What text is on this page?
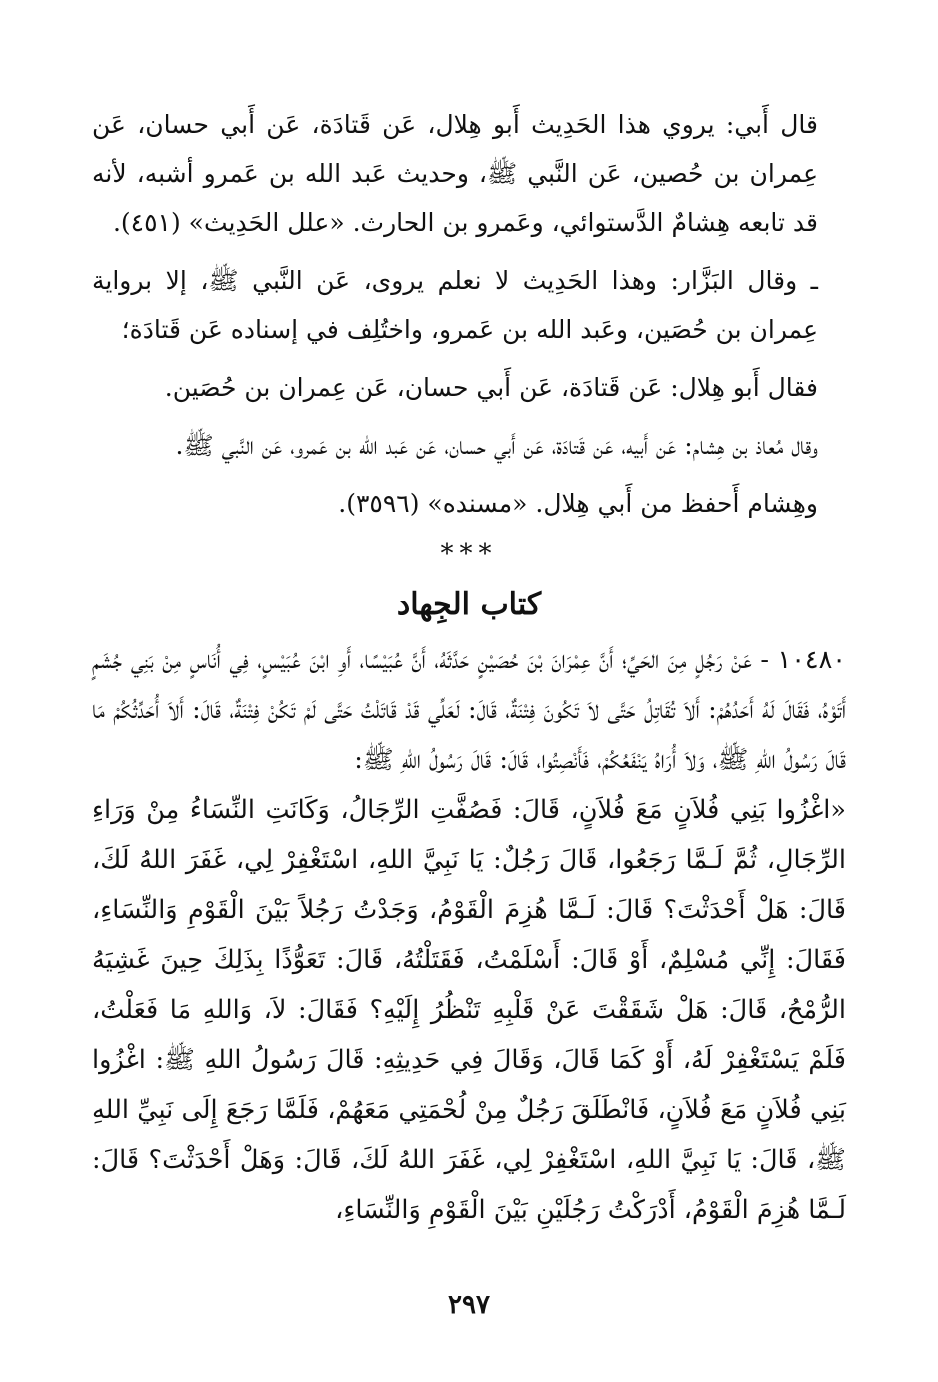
قال أَبي: يروي هذا الحَدِيث أَبو هِلال، عَن قَتادَة، عَن أَبي حسان، عَن عِمران بن حُصين، عَن النَّبي ﷺ، وحديث عَبد الله بن عَمرو أشبه، لأنه قد تابعه هِشامٌ الدَّستوائي، وعَمرو بن الحارث. «علل الحَدِيث» (٤٥١).

ـ وقال البَزَّار: وهذا الحَدِيث لا نعلم يروى، عَن النَّبي ﷺ، إلا برواية عِمران بن حُصَين، وعَبد الله بن عَمرو، واختُلِف في إسناده عَن قَتادَة؛

فقال أَبو هِلال: عَن قَتادَة، عَن أَبي حسان، عَن عِمران بن حُصَين.

وقال مُعاذ بن هِشام: عَن أَبيه، عَن قَتادَة، عَن أَبي حسان، عَن عَبد الله بن عَمرو، عَن النَّبي ﷺ.

وهِشام أَحفظ من أَبي هِلال. «مسنده» (٣٥٩٦).

***
كتاب الجِهاد

١٠٤٨٠ - عَنْ رَجُلٍ مِنَ الحَيِّ؛ أَنَّ عِمْرَانَ بْنَ حُصَيْنٍ حَدَّثَهُ، أَنَّ عُبَيْسًا، أَوِ ابْنَ عُبَيْسٍ، فِي أُنَاسٍ مِنْ بَنِي جُشَمٍ أَتَوْهُ، فَقَالَ لَهُ أَحَدُهُمْ: أَلاَ تُقَاتِلُ حَتَّى لاَ تَكُونَ فِتْنَةٌ، قَالَ: لَعَلِّي قَدْ قَاتَلْتُ حَتَّى لَمْ تَكُنْ فِتْنَةٌ، قَالَ: أَلاَ أُحَدِّثُكُمْ مَا قَالَ رَسُولُ اللهِ ﷺ، وَلاَ أُرَاهُ يَنْفَعُكُمْ، فَأَنْصِتُوا، قَالَ: قَالَ رَسُولُ اللهِ ﷺ:

«اغْزُوا بَنِي فُلاَنٍ مَعَ فُلاَنٍ، قَالَ: فَصُفَّتِ الرِّجَالُ، وَكَانَتِ النِّسَاءُ مِنْ وَرَاءِ الرِّجَالِ، ثُمَّ لَـمَّا رَجَعُوا، قَالَ رَجُلٌ: يَا نَبِيَّ اللهِ، اسْتَغْفِرْ لِي، غَفَرَ اللهُ لَكَ، قَالَ: هَلْ أَحْدَثْتَ؟ قَالَ: لَـمَّا هُزِمَ الْقَوْمُ، وَجَدْتُ رَجُلاً بَيْنَ الْقَوْمِ وَالنِّسَاءِ، فَقَالَ: إِنِّي مُسْلِمٌ، أَوْ قَالَ: أَسْلَمْتُ، فَقَتَلْتُهُ، قَالَ: تَعَوُّذًا بِذَلِكَ حِينَ غَشِيَهُ الرُّمْحُ، قَالَ: هَلْ شَقَقْتَ عَنْ قَلْبِهِ تَنْظُرُ إِلَيْهِ؟ فَقَالَ: لاَ، وَاللهِ مَا فَعَلْتُ، فَلَمْ يَسْتَغْفِرْ لَهُ، أَوْ كَمَا قَالَ، وَقَالَ فِي حَدِيثِهِ: قَالَ رَسُولُ اللهِ ﷺ: اغْزُوا بَنِي فُلاَنٍ مَعَ فُلاَنٍ، فَانْطَلَقَ رَجُلٌ مِنْ لُحْمَتِي مَعَهُمْ، فَلَمَّا رَجَعَ إِلَى نَبِيِّ اللهِ ﷺ، قَالَ: يَا نَبِيَّ اللهِ، اسْتَغْفِرْ لِي، غَفَرَ اللهُ لَكَ، قَالَ: وَهَلْ أَحْدَثْتَ؟ قَالَ: لَـمَّا هُزِمَ الْقَوْمُ، أَدْرَكْتُ رَجُلَيْنِ بَيْنَ الْقَوْمِ وَالنِّسَاءِ،

٢٩٧
